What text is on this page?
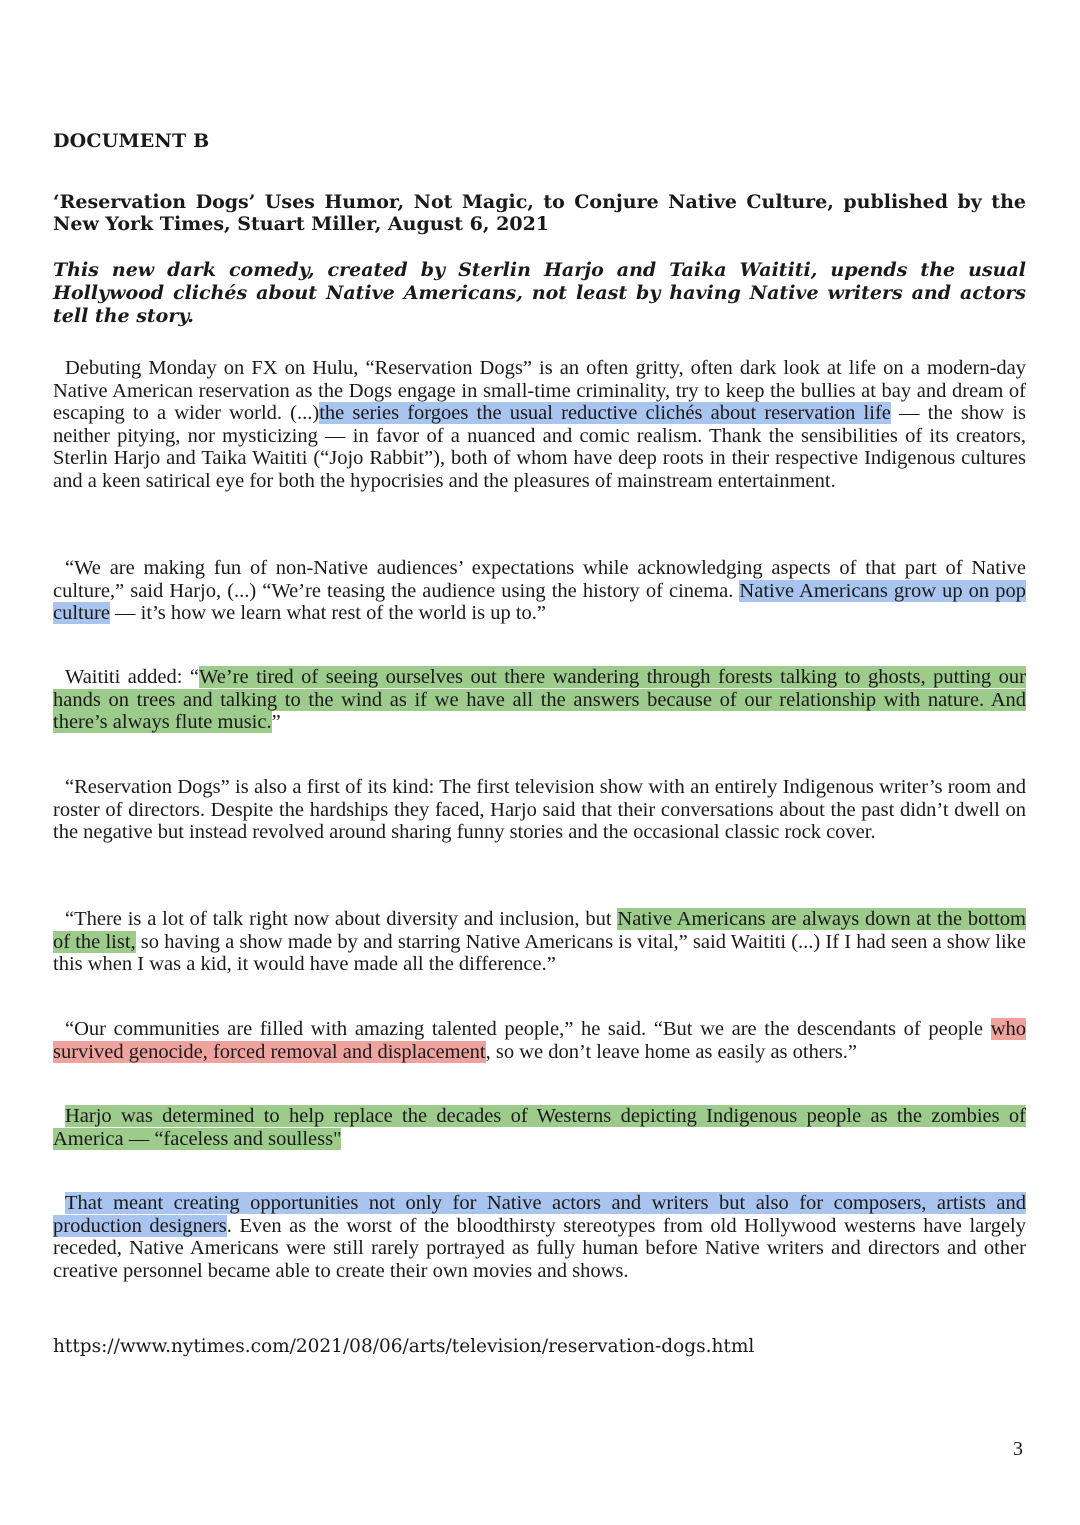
DOCUMENT B
‘Reservation Dogs’ Uses Humor, Not Magic, to Conjure Native Culture, published by the New York Times, Stuart Miller, August 6, 2021
This new dark comedy, created by Sterlin Harjo and Taika Waititi, upends the usual Hollywood clichés about Native Americans, not least by having Native writers and actors tell the story.

Debuting Monday on FX on Hulu, “Reservation Dogs” is an often gritty, often dark look at life on a modern-day Native American reservation as the Dogs engage in small-time criminality, try to keep the bullies at bay and dream of escaping to a wider world. (...)the series forgoes the usual reductive clichés about reservation life — the show is neither pitying, nor mysticizing — in favor of a nuanced and comic realism. Thank the sensibilities of its creators, Sterlin Harjo and Taika Waititi (“Jojo Rabbit”), both of whom have deep roots in their respective Indigenous cultures and a keen satirical eye for both the hypocrisies and the pleasures of mainstream entertainment.

“We are making fun of non-Native audiences’ expectations while acknowledging aspects of that part of Native culture,” said Harjo, (...) “We’re teasing the audience using the history of cinema. Native Americans grow up on pop culture — it’s how we learn what rest of the world is up to.”

Waititi added: “We’re tired of seeing ourselves out there wandering through forests talking to ghosts, putting our hands on trees and talking to the wind as if we have all the answers because of our relationship with nature. And there’s always flute music.”

“Reservation Dogs” is also a first of its kind: The first television show with an entirely Indigenous writer’s room and roster of directors. Despite the hardships they faced, Harjo said that their conversations about the past didn’t dwell on the negative but instead revolved around sharing funny stories and the occasional classic rock cover.

“There is a lot of talk right now about diversity and inclusion, but Native Americans are always down at the bottom of the list, so having a show made by and starring Native Americans is vital,” said Waititi (...) If I had seen a show like this when I was a kid, it would have made all the difference.”

“Our communities are filled with amazing talented people,” he said. “But we are the descendants of people who survived genocide, forced removal and displacement, so we don’t leave home as easily as others.”

Harjo was determined to help replace the decades of Westerns depicting Indigenous people as the zombies of America — “faceless and soulless"

That meant creating opportunities not only for Native actors and writers but also for composers, artists and production designers. Even as the worst of the bloodthirsty stereotypes from old Hollywood westerns have largely receded, Native Americans were still rarely portrayed as fully human before Native writers and directors and other creative personnel became able to create their own movies and shows.

https://www.nytimes.com/2021/08/06/arts/television/reservation-dogs.html
3
